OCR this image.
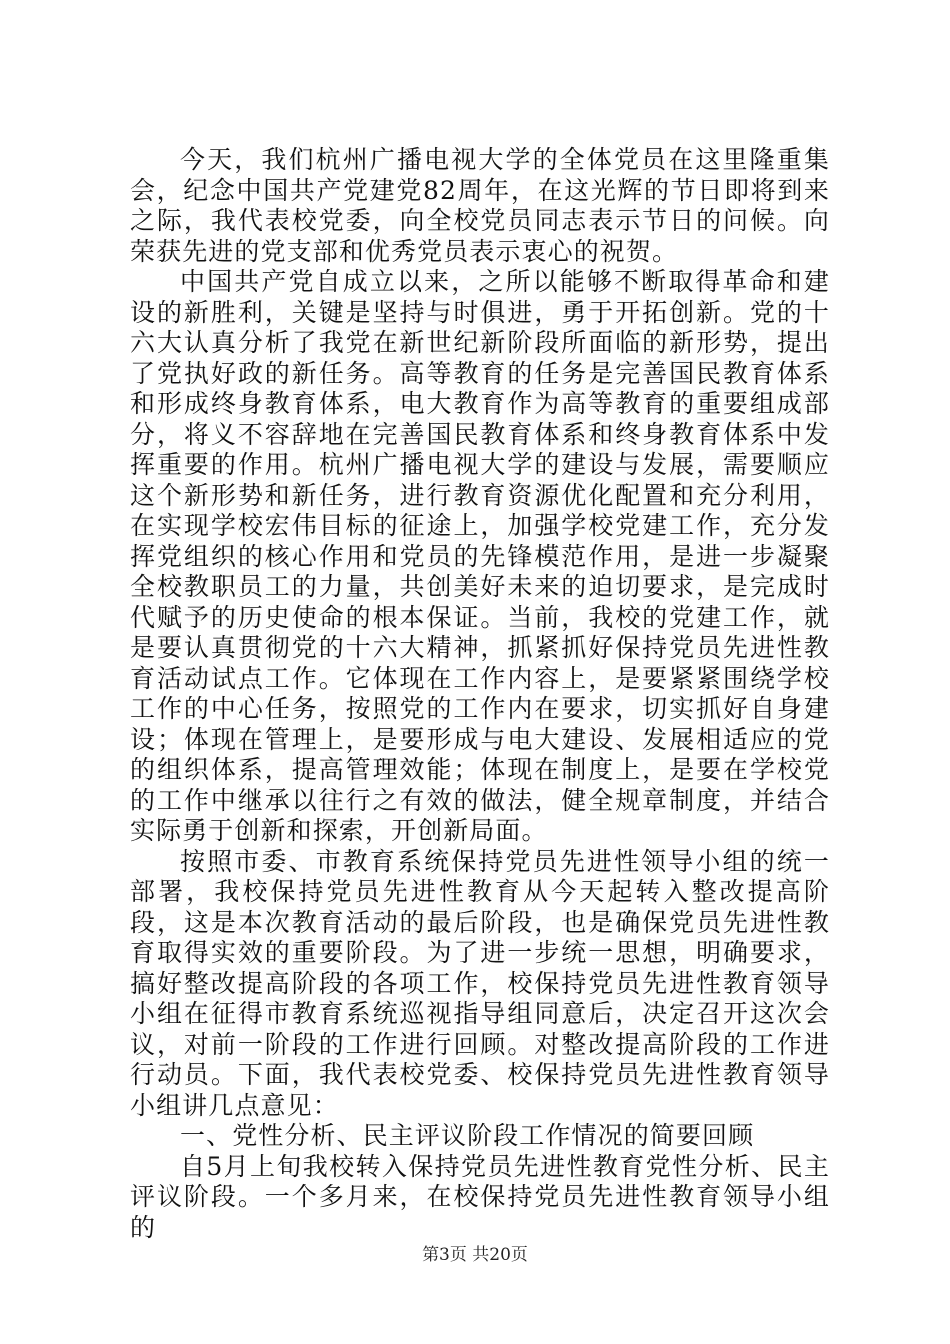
今天，我们杭州广播电视大学的全体党员在这里隆重集会，纪念中国共产党建党82周年，在这光辉的节日即将到来之际，我代表校党委，向全校党员同志表示节日的问候。向荣获先进的党支部和优秀党员表示衷心的祝贺。

中国共产党自成立以来，之所以能够不断取得革命和建设的新胜利，关键是坚持与时俱进，勇于开拓创新。党的十六大认真分析了我党在新世纪新阶段所面临的新形势，提出了党执好政的新任务。高等教育的任务是完善国民教育体系和形成终身教育体系，电大教育作为高等教育的重要组成部分，将义不容辞地在完善国民教育体系和终身教育体系中发挥重要的作用。杭州广播电视大学的建设与发展，需要顺应这个新形势和新任务，进行教育资源优化配置和充分利用，在实现学校宏伟目标的征途上，加强学校党建工作，充分发挥党组织的核心作用和党员的先锋模范作用，是进一步凝聚全校教职员工的力量，共创美好未来的迫切要求，是完成时代赋予的历史使命的根本保证。当前，我校的党建工作，就是要认真贯彻党的十六大精神，抓紧抓好保持党员先进性教育活动试点工作。它体现在工作内容上，是要紧紧围绕学校工作的中心任务，按照党的工作内在要求，切实抓好自身建设；体现在管理上，是要形成与电大建设、发展相适应的党的组织体系，提高管理效能；体现在制度上，是要在学校党的工作中继承以往行之有效的做法，健全规章制度，并结合实际勇于创新和探索，开创新局面。

按照市委、市教育系统保持党员先进性领导小组的统一部署，我校保持党员先进性教育从今天起转入整改提高阶段，这是本次教育活动的最后阶段，也是确保党员先进性教育取得实效的重要阶段。为了进一步统一思想，明确要求，搞好整改提高阶段的各项工作，校保持党员先进性教育领导小组在征得市教育系统巡视指导组同意后，决定召开这次会议，对前一阶段的工作进行回顾。对整改提高阶段的工作进行动员。下面，我代表校党委、校保持党员先进性教育领导小组讲几点意见：

一、党性分析、民主评议阶段工作情况的简要回顾

自5月上旬我校转入保持党员先进性教育党性分析、民主评议阶段。一个多月来，在校保持党员先进性教育领导小组的

第3页 共20页
